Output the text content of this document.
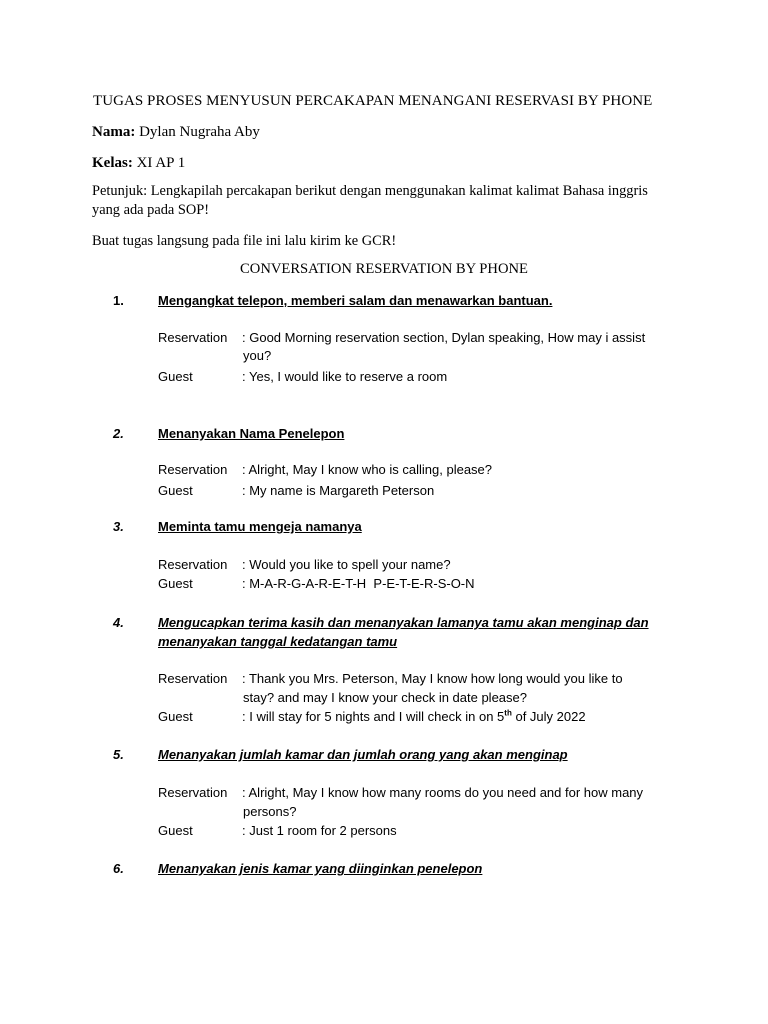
TUGAS PROSES MENYUSUN PERCAKAPAN MENANGANI RESERVASI BY PHONE
Nama: Dylan Nugraha Aby
Kelas: XI AP 1
Petunjuk: Lengkapilah percakapan berikut dengan menggunakan kalimat kalimat Bahasa inggris yang ada pada SOP!
Buat tugas langsung pada file ini lalu kirim ke GCR!
CONVERSATION RESERVATION BY PHONE
1.	Mengangkat telepon, memberi salam dan menawarkan bantuan.
Reservation : Good Morning reservation section, Dylan speaking, How may i assist
you?
Guest	: Yes, I would like to reserve a room
2.	Menanyakan Nama Penelepon
Reservation : Alright, May I know who is calling, please?
Guest	: My name is Margareth Peterson
3.	Meminta tamu mengeja namanya
Reservation : Would you like to spell your name?
Guest	: M-A-R-G-A-R-E-T-H  P-E-T-E-R-S-O-N
4.	Mengucapkan terima kasih dan menanyakan lamanya tamu akan menginap dan menanyakan tanggal kedatangan tamu
Reservation : Thank you Mrs. Peterson, May I know how long would you like to
stay? and may I know your check in date please?
Guest	: I will stay for 5 nights and I will check in on 5th of July 2022
5.	Menanyakan jumlah kamar dan jumlah orang yang akan menginap
Reservation : Alright, May I know how many rooms do you need and for how many
persons?
Guest	: Just 1 room for 2 persons
6.	Menanyakan jenis kamar yang diinginkan penelepon
